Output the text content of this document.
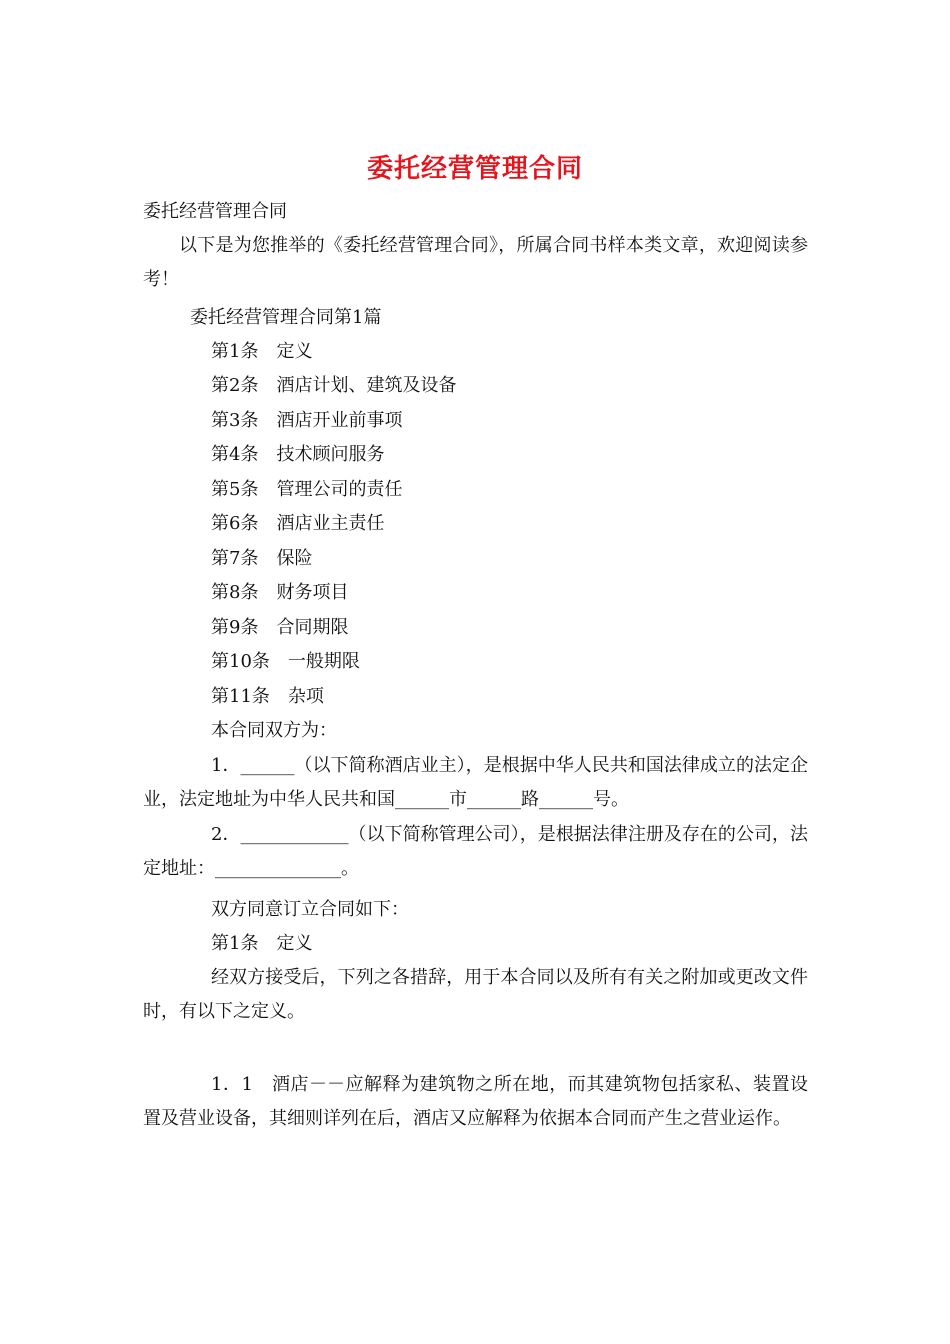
委托经营管理合同
委托经营管理合同
以下是为您推举的《委托经营管理合同》，所属合同书样本类文章，欢迎阅读参考！
委托经营管理合同第1篇
第1条　定义
第2条　酒店计划、建筑及设备
第3条　酒店开业前事项
第4条　技术顾问服务
第5条　管理公司的责任
第6条　酒店业主责任
第7条　保险
第8条　财务项目
第9条　合同期限
第10条　一般期限
第11条　杂项
本合同双方为：
1．______（以下简称酒店业主），是根据中华人民共和国法律成立的法定企业，法定地址为中华人民共和国______市______路______号。
2．____________（以下简称管理公司），是根据法律注册及存在的公司，法定地址：______________。
双方同意订立合同如下：
第1条　定义
经双方接受后，下列之各措辞，用于本合同以及所有有关之附加或更改文件时，有以下之定义。
1．1　酒店－－应解释为建筑物之所在地，而其建筑物包括家私、装置设置及营业设备，其细则详列在后，酒店又应解释为依据本合同而产生之营业运作。
